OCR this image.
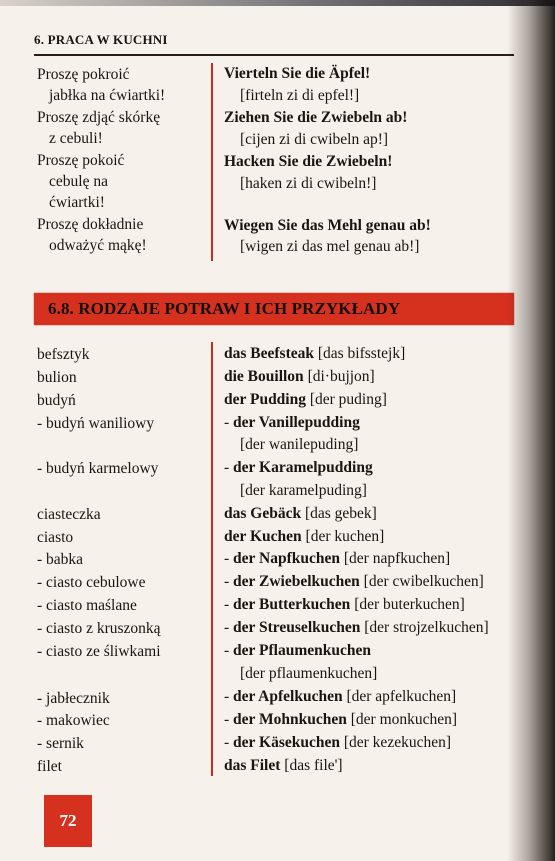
6. PRACA W KUCHNI
Proszę pokroić
jabłka na ćwiartki!
Proszę zdjąć skórkę
z cebuli!
Proszę pokoić
cebulę na
ćwiartki!
Proszę dokładnie
odważyć mąkę!
Vierteln Sie die Äpfel!
[firteln zi di epfel!]
Ziehen Sie die Zwiebeln ab!
[cijen zi di cwibeln ap!]
Hacken Sie die Zwiebeln!
[haken zi di cwibeln!]
Wiegen Sie das Mehl genau ab!
[wigen zi das mel genau ab!]
6.8. RODZAJE POTRAW I ICH PRZYKŁADY
befsztyk
bulion
budyń
- budyń waniliowy
- budyń karmelowy
ciasteczka
ciasto
- babka
- ciasto cebulowe
- ciasto maślane
- ciasto z kruszonką
- ciasto ze śliwkami
- jabłecznik
- makowiec
- sernik
filet
das Beefsteak [das bifsstejk]
die Bouillon [di·bujjon]
der Pudding [der puding]
- der Vanillepudding
[der wanilepuding]
- der Karamelpudding
[der karamelpuding]
das Gebäck [das gebek]
der Kuchen [der kuchen]
- der Napfkuchen [der napfkuchen]
- der Zwiebelkuchen [der cwibelkuchen]
- der Butterkuchen [der buterkuchen]
- der Streuselkuchen [der strojzelkuchen]
- der Pflaumenkuchen
[der pflaumenkuchen]
- der Apfelkuchen [der apfelkuchen]
- der Mohnkuchen [der monkuchen]
- der Käsekuchen [der kezekuchen]
das Filet [das file']
72
